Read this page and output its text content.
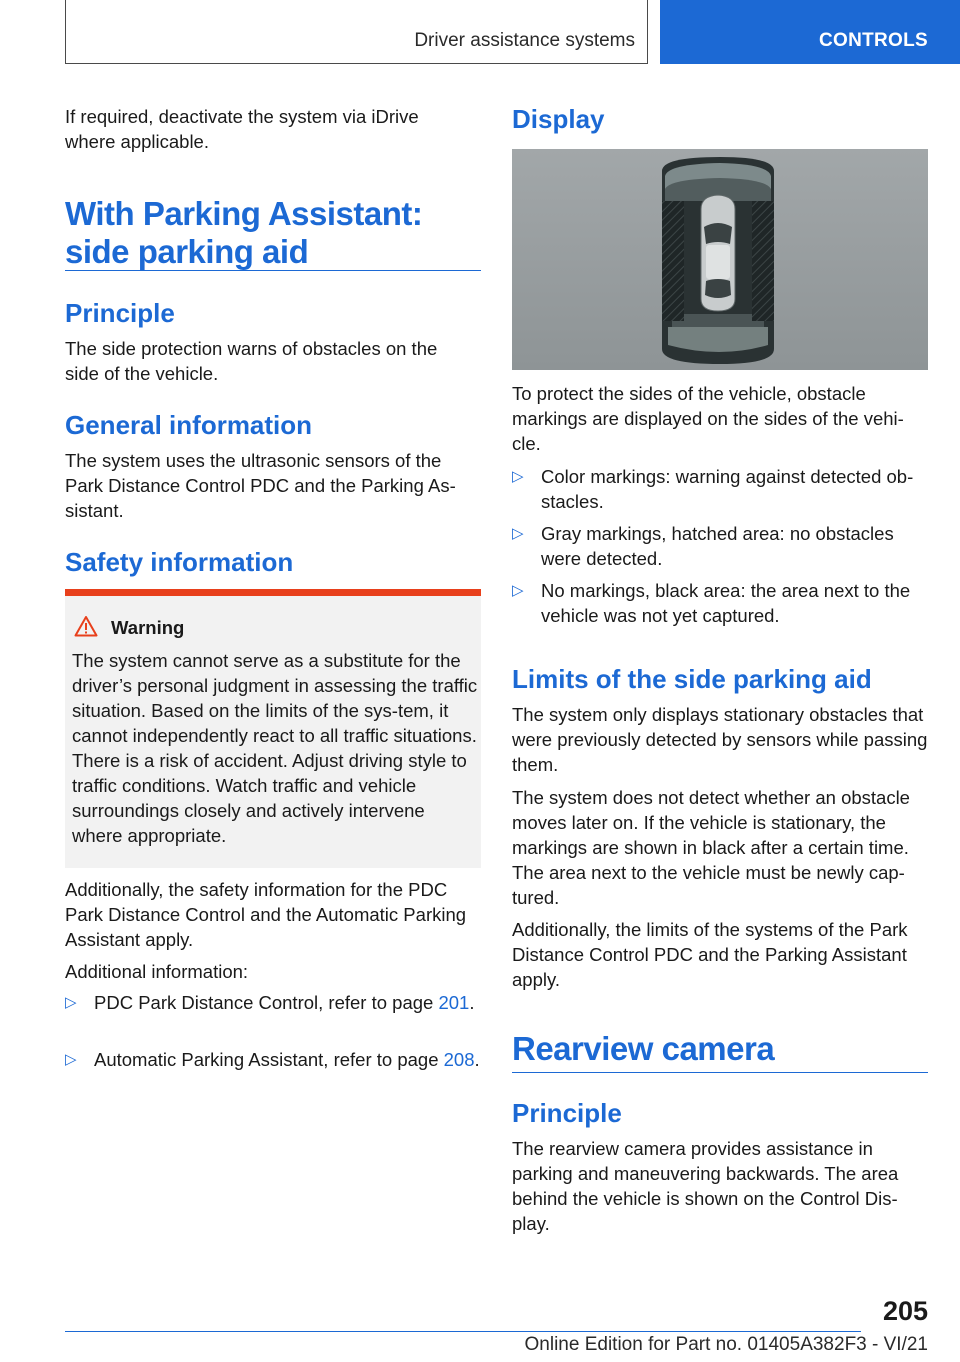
Driver assistance systems	CONTROLS

If required, deactivate the system via iDrive where applicable.

With Parking Assistant: side parking aid
Principle

The side protection warns of obstacles on the side of the vehicle.

General information

The system uses the ultrasonic sensors of the Park Distance Control PDC and the Parking As-sistant.

Safety information
Warning

The system cannot serve as a substitute for the driver’s personal judgment in assessing the traffic situation. Based on the limits of the sys-tem, it cannot independently react to all traffic situations. There is a risk of accident. Adjust driving style to traffic conditions. Watch traffic and vehicle surroundings closely and actively intervene where appropriate.

Additionally, the safety information for the PDC Park Distance Control and the Automatic Parking Assistant apply.

Additional information:

▷ PDC Park Distance Control, refer to page 201.

▷ Automatic Parking Assistant, refer to page 208.

Display

To protect the sides of the vehicle, obstacle markings are displayed on the sides of the vehi-cle.

▷ Color markings: warning against detected ob-stacles.

▷ Gray markings, hatched area: no obstacles were detected.

▷ No markings, black area: the area next to the vehicle was not yet captured.

Limits of the side parking aid

The system only displays stationary obstacles that were previously detected by sensors while passing them.

The system does not detect whether an obstacle moves later on. If the vehicle is stationary, the markings are shown in black after a certain time. The area next to the vehicle must be newly cap-tured.

Additionally, the limits of the systems of the Park Distance Control PDC and the Parking Assistant apply.

Rearview camera
Principle

The rearview camera provides assistance in parking and maneuvering backwards. The area behind the vehicle is shown on the Control Dis-play.

205
Online Edition for Part no. 01405A382F3 - VI/21
